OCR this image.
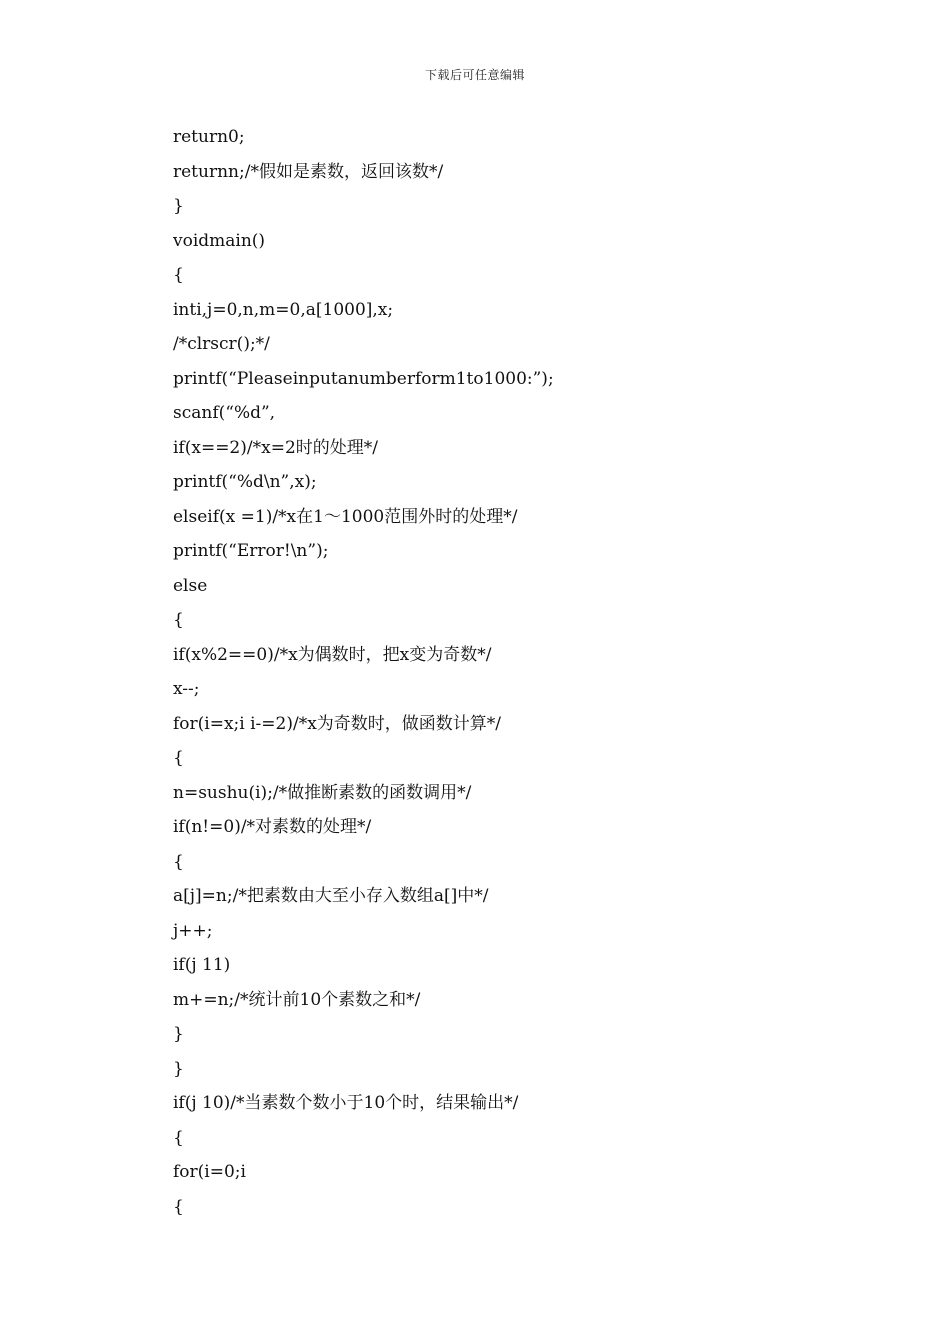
下载后可任意编辑
return0;
returnn;/*假如是素数，返回该数*/
}
voidmain()
{
inti,j=0,n,m=0,a[1000],x;
/*clrscr();*/
printf(“Pleaseinputanumberform1to1000:”);
scanf(“%d”,
if(x==2)/*x=2时的处理*/
printf(“%d\n”,x);
elseif(x =1)/*x在1～1000范围外时的处理*/
printf(“Error!\n”);
else
{
if(x%2==0)/*x为偶数时，把x变为奇数*/
x--;
for(i=x;i i-=2)/*x为奇数时，做函数计算*/
{
n=sushu(i);/*做推断素数的函数调用*/
if(n!=0)/*对素数的处理*/
{
a[j]=n;/*把素数由大至小存入数组a[]中*/
j++;
if(j 11)
m+=n;/*统计前10个素数之和*/
}
}
if(j 10)/*当素数个数小于10个时，结果输出*/
{
for(i=0;i
{
